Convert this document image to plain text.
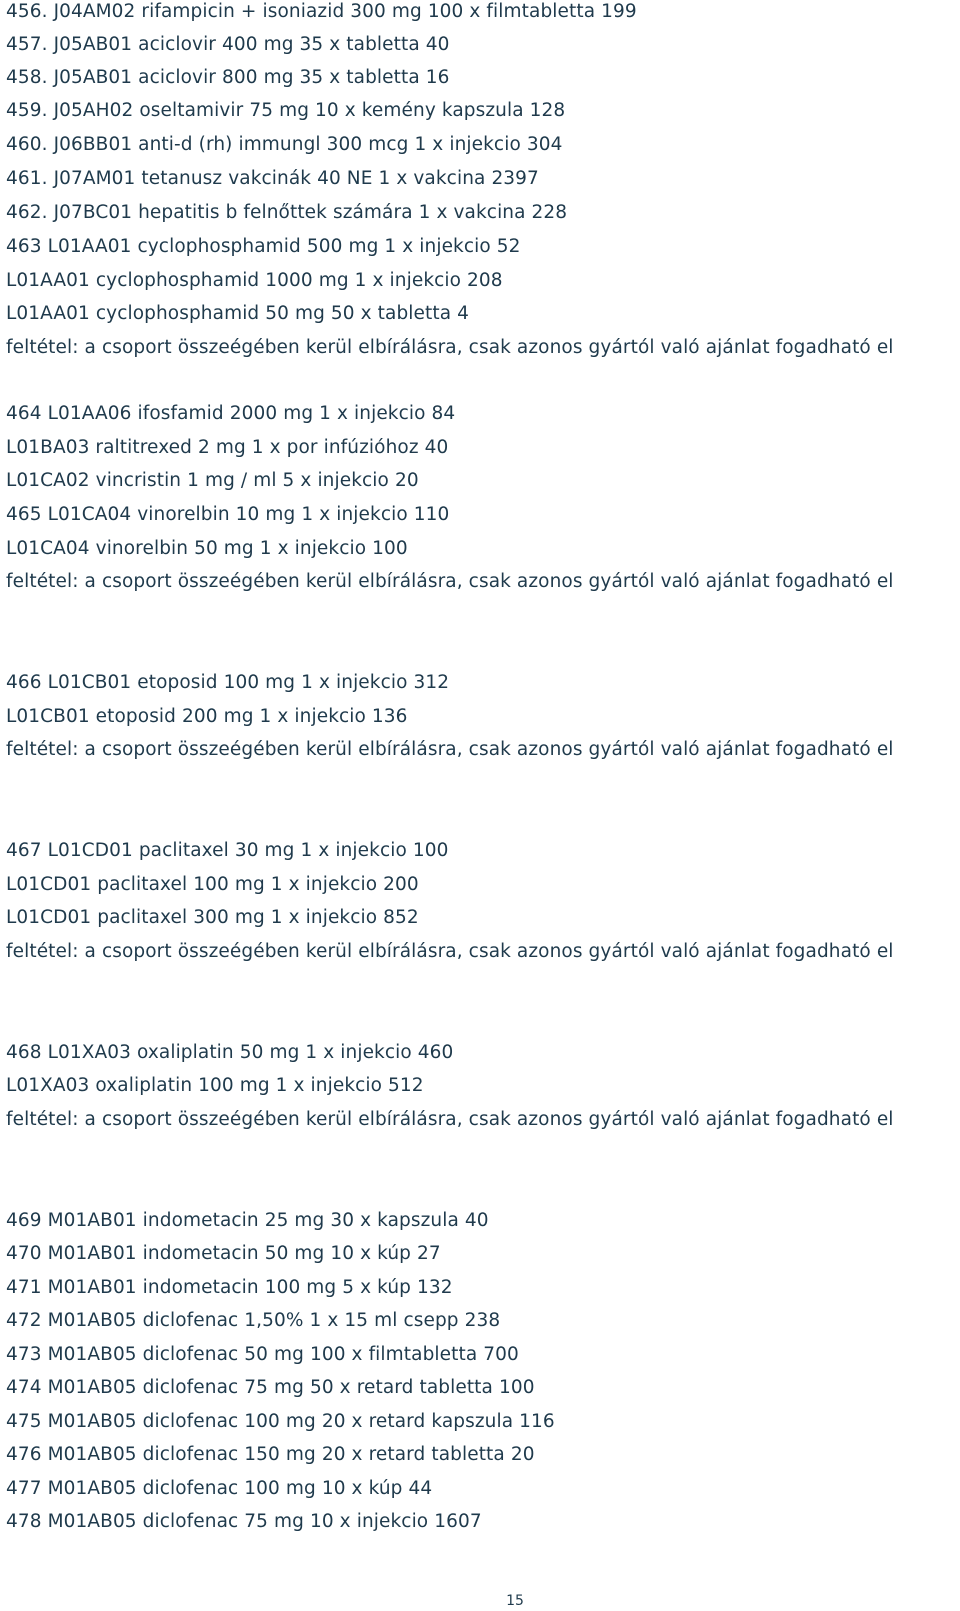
456. J04AM02 rifampicin + isoniazid 300 mg 100 x filmtabletta 199
457. J05AB01 aciclovir 400 mg 35 x tabletta 40
458. J05AB01 aciclovir 800 mg 35 x tabletta 16
459. J05AH02 oseltamivir 75 mg 10 x kemény kapszula 128
460. J06BB01 anti-d (rh) immungl 300 mcg 1 x injekcio 304
461. J07AM01 tetanusz vakcinák 40 NE 1 x vakcina 2397
462. J07BC01 hepatitis b felnőttek számára 1 x vakcina 228
463 L01AA01 cyclophosphamid 500 mg 1 x injekcio 52
L01AA01 cyclophosphamid 1000 mg 1 x injekcio 208
L01AA01 cyclophosphamid 50 mg 50 x tabletta 4
feltétel: a csoport összeégében kerül elbírálásra, csak azonos gyártól való ajánlat fogadható el
464 L01AA06 ifosfamid 2000 mg 1 x injekcio 84
L01BA03 raltitrexed 2 mg 1 x por infúzióhoz 40
L01CA02 vincristin 1 mg / ml 5 x injekcio 20
465 L01CA04 vinorelbin 10 mg 1 x injekcio 110
L01CA04 vinorelbin 50 mg 1 x injekcio 100
feltétel: a csoport összeégében kerül elbírálásra, csak azonos gyártól való ajánlat fogadható el
466 L01CB01 etoposid 100 mg 1 x injekcio 312
L01CB01 etoposid 200 mg 1 x injekcio 136
feltétel: a csoport összeégében kerül elbírálásra, csak azonos gyártól való ajánlat fogadható el
467 L01CD01 paclitaxel 30 mg 1 x injekcio 100
L01CD01 paclitaxel 100 mg 1 x injekcio 200
L01CD01 paclitaxel 300 mg 1 x injekcio 852
feltétel: a csoport összeégében kerül elbírálásra, csak azonos gyártól való ajánlat fogadható el
468 L01XA03 oxaliplatin 50 mg 1 x injekcio 460
L01XA03 oxaliplatin 100 mg 1 x injekcio 512
feltétel: a csoport összeégében kerül elbírálásra, csak azonos gyártól való ajánlat fogadható el
469 M01AB01 indometacin 25 mg 30 x kapszula 40
470 M01AB01 indometacin 50 mg 10 x kúp 27
471 M01AB01 indometacin 100 mg 5 x kúp 132
472 M01AB05 diclofenac 1,50% 1 x 15 ml csepp 238
473 M01AB05 diclofenac 50 mg 100 x filmtabletta 700
474 M01AB05 diclofenac 75 mg 50 x retard tabletta 100
475 M01AB05 diclofenac 100 mg 20 x retard kapszula 116
476 M01AB05 diclofenac 150 mg 20 x retard tabletta 20
477 M01AB05 diclofenac 100 mg 10 x kúp 44
478 M01AB05 diclofenac 75 mg 10 x injekcio 1607
15
